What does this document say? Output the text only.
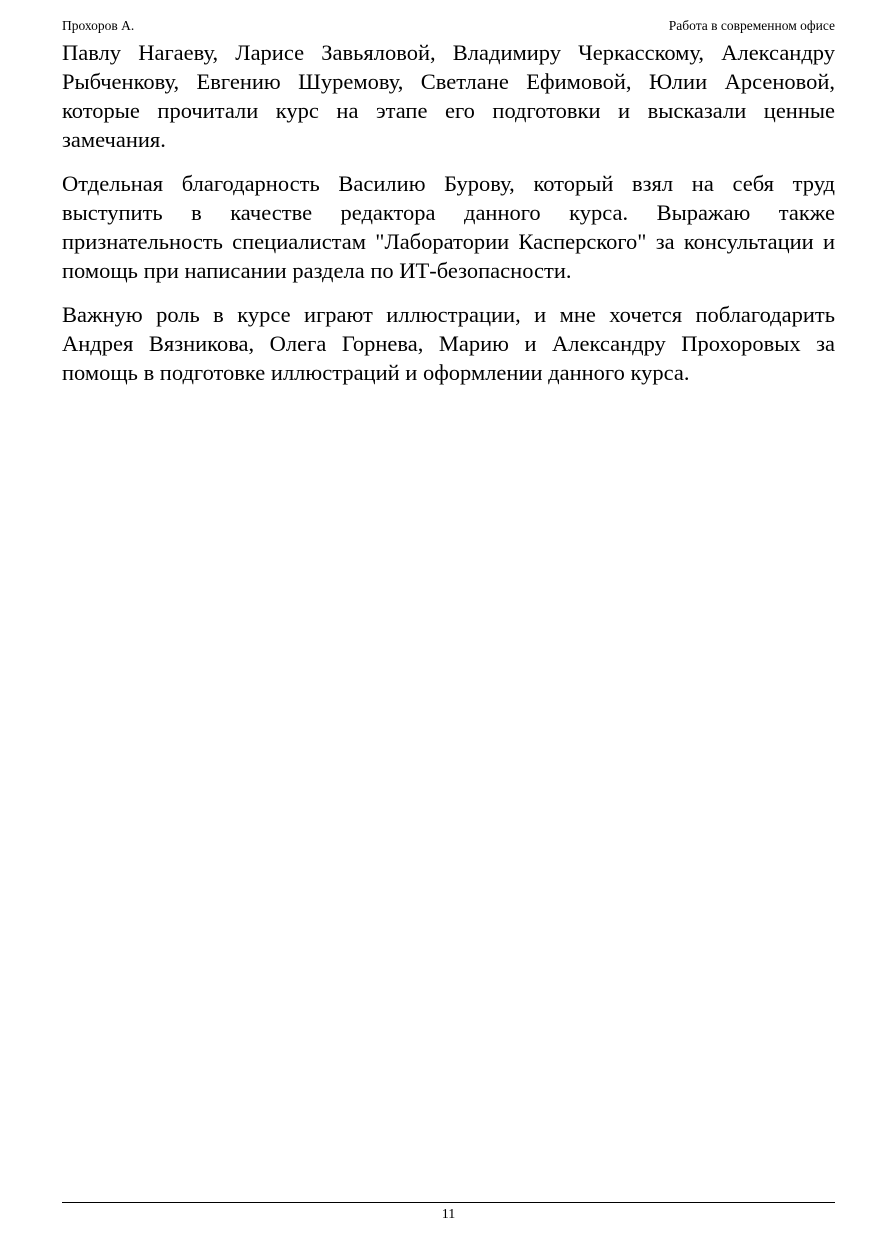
Прохоров А.	Работа в современном офисе

Павлу Нагаеву, Ларисе Завьяловой, Владимиру Черкасскому, Александру Рыбченкову, Евгению Шуремову, Светлане Ефимовой, Юлии Арсеновой, которые прочитали курс на этапе его подготовки и высказали ценные замечания.

Отдельная благодарность Василию Бурову, который взял на себя труд выступить в качестве редактора данного курса. Выражаю также признательность специалистам "Лаборатории Касперского" за консультации и помощь при написании раздела по ИТ-безопасности.

Важную роль в курсе играют иллюстрации, и мне хочется поблагодарить Андрея Вязникова, Олега Горнева, Марию и Александру Прохоровых за помощь в подготовке иллюстраций и оформлении данного курса.

11
